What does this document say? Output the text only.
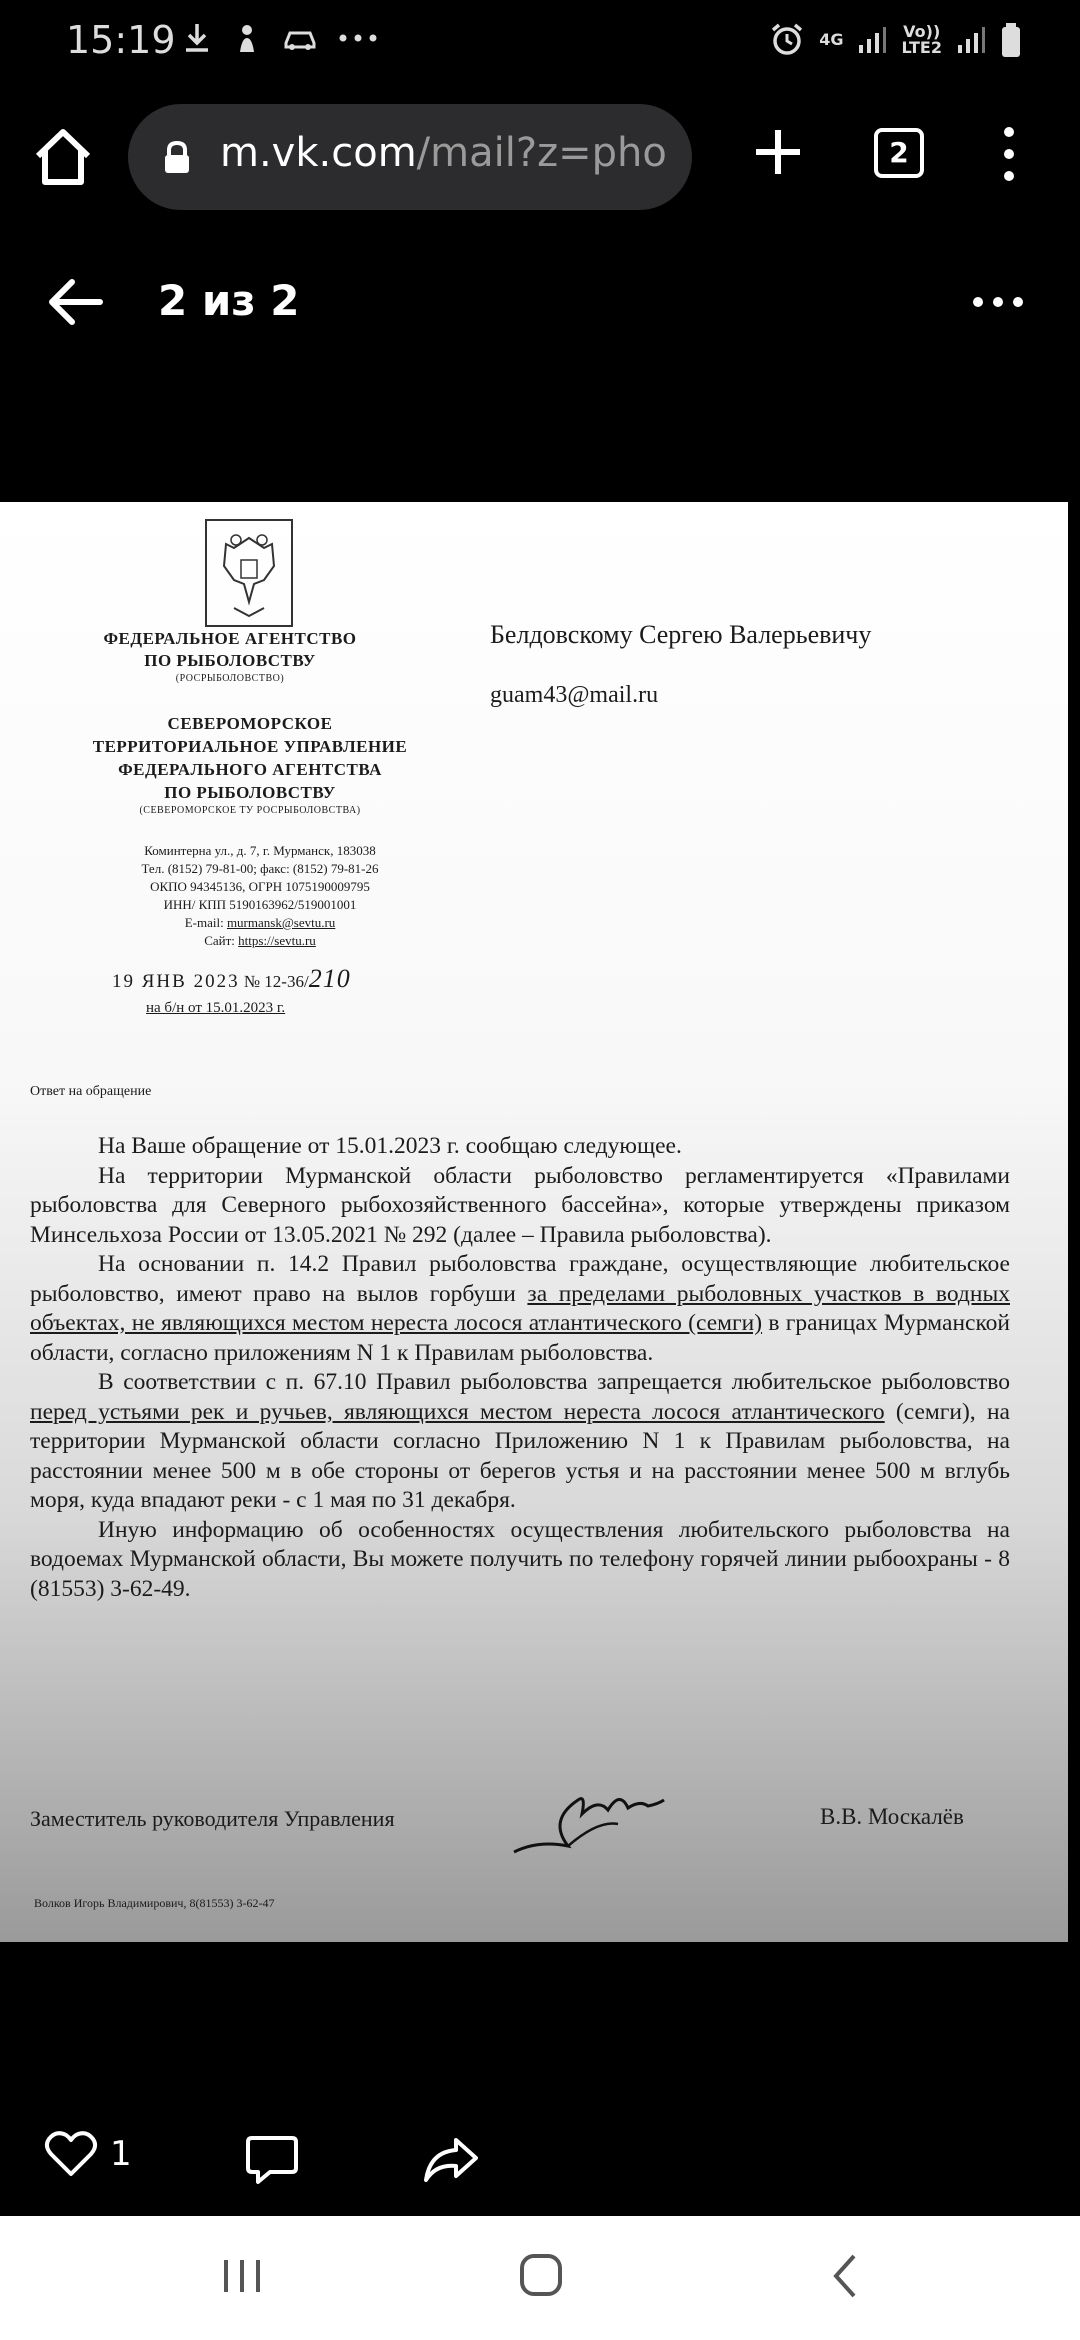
15:19	4G	Vo))
LTE2
m.vk.com/mail?z=pho	2
2 из 2
ФЕДЕРАЛЬНОЕ АГЕНТСТВО
ПО РЫБОЛОВСТВУ
(РОСРЫБОЛОВСТВО)
СЕВЕРОМОРСКОЕ
ТЕРРИТОРИАЛЬНОЕ УПРАВЛЕНИЕ
ФЕДЕРАЛЬНОГО АГЕНТСТВА
ПО РЫБОЛОВСТВУ
(СЕВЕРОМОРСКОЕ ТУ РОСРЫБОЛОВСТВА)
Коминтерна ул., д. 7, г. Мурманск, 183038
Тел. (8152) 79-81-00; факс: (8152) 79-81-26
ОКПО 94345136, ОГРН 1075190009795
ИНН/ КПП 5190163962/519001001
E-mail: murmansk@sevtu.ru
Сайт: https://sevtu.ru
19 ЯНВ 2023 № 12-36/210
на б/н от 15.01.2023 г.
Белдовскому Сергею Валерьевичу
guam43@mail.ru
Ответ на обращение

На Ваше обращение от 15.01.2023 г. сообщаю следующее.

На территории Мурманской области рыболовство регламентируется «Правилами рыболовства для Северного рыбохозяйственного бассейна», которые утверждены приказом Минсельхоза России от 13.05.2021 № 292 (далее – Правила рыболовства).

На основании п. 14.2 Правил рыболовства граждане, осуществляющие любительское рыболовство, имеют право на вылов горбуши за пределами рыболовных участков в водных объектах, не являющихся местом нереста лосося атлантического (семги) в границах Мурманской области, согласно приложениям N 1 к Правилам рыболовства.

В соответствии с п. 67.10 Правил рыболовства запрещается любительское рыболовство перед устьями рек и ручьев, являющихся местом нереста лосося атлантического (семги), на территории Мурманской области согласно Приложению N 1 к Правилам рыболовства, на расстоянии менее 500 м в обе стороны от берегов устья и на расстоянии менее 500 м вглубь моря, куда впадают реки - с 1 мая по 31 декабря.

Иную информацию об особенностях осуществления любительского рыболовства на водоемах Мурманской области, Вы можете получить по телефону горячей линии рыбоохраны - 8 (81553) 3-62-49.

Заместитель руководителя Управления	В.В. Москалёв
Волков Игорь Владимирович, 8(81553) 3-62-47
1
